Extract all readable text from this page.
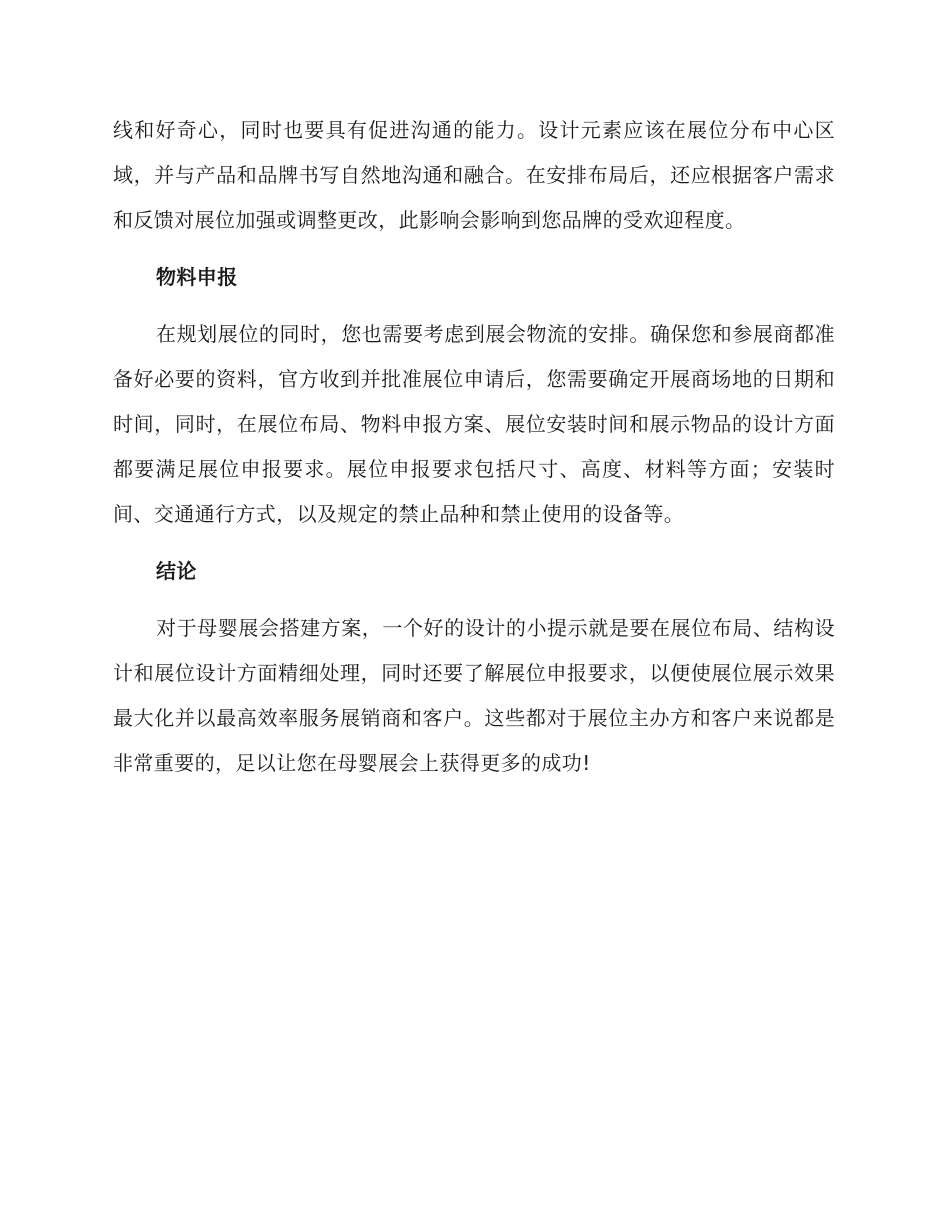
线和好奇心，同时也要具有促进沟通的能力。设计元素应该在展位分布中心区域，并与产品和品牌书写自然地沟通和融合。在安排布局后，还应根据客户需求和反馈对展位加强或调整更改，此影响会影响到您品牌的受欢迎程度。

物料申报

在规划展位的同时，您也需要考虑到展会物流的安排。确保您和参展商都准备好必要的资料，官方收到并批准展位申请后，您需要确定开展商场地的日期和时间，同时，在展位布局、物料申报方案、展位安装时间和展示物品的设计方面都要满足展位申报要求。展位申报要求包括尺寸、高度、材料等方面；安装时间、交通通行方式，以及规定的禁止品种和禁止使用的设备等。

结论

对于母婴展会搭建方案，一个好的设计的小提示就是要在展位布局、结构设计和展位设计方面精细处理，同时还要了解展位申报要求，以便使展位展示效果最大化并以最高效率服务展销商和客户。这些都对于展位主办方和客户来说都是非常重要的，足以让您在母婴展会上获得更多的成功!
